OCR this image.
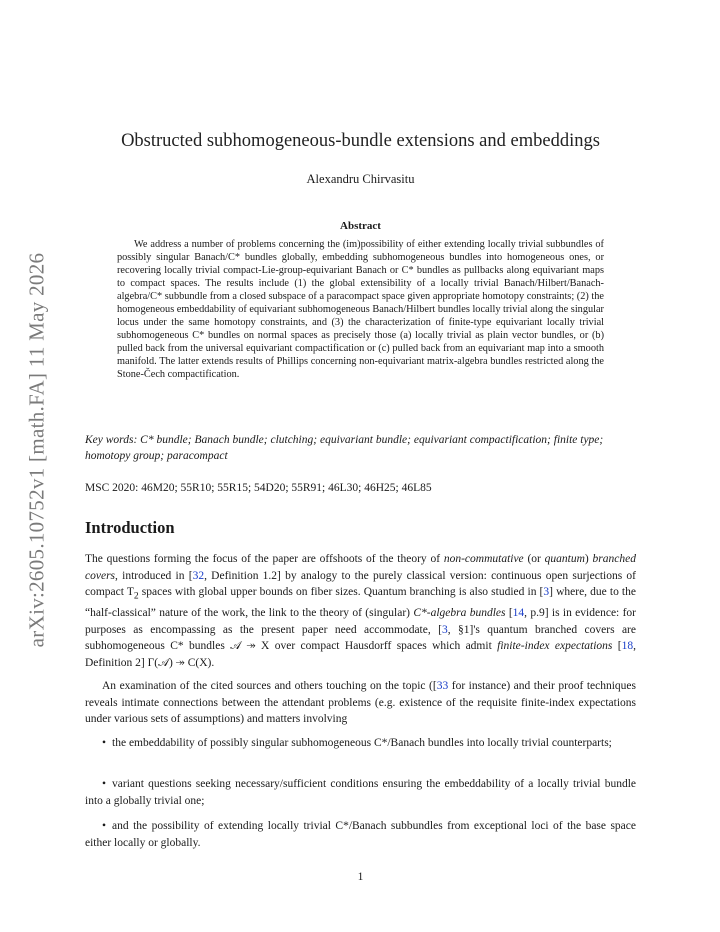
arXiv:2605.10752v1 [math.FA] 11 May 2026
Obstructed subhomogeneous-bundle extensions and embeddings
Alexandru Chirvasitu
Abstract
We address a number of problems concerning the (im)possibility of either extending locally trivial subbundles of possibly singular Banach/C* bundles globally, embedding subhomogeneous bundles into homogeneous ones, or recovering locally trivial compact-Lie-group-equivariant Banach or C* bundles as pullbacks along equivariant maps to compact spaces. The results include (1) the global extensibility of a locally trivial Banach/Hilbert/Banach-algebra/C* subbundle from a closed subspace of a paracompact space given appropriate homotopy constraints; (2) the homogeneous embeddability of equivariant subhomogeneous Banach/Hilbert bundles locally trivial along the singular locus under the same homotopy constraints, and (3) the characterization of finite-type equivariant locally trivial subhomogeneous C* bundles on normal spaces as precisely those (a) locally trivial as plain vector bundles, or (b) pulled back from the universal equivariant compactification or (c) pulled back from an equivariant map into a smooth manifold. The latter extends results of Phillips concerning non-equivariant matrix-algebra bundles restricted along the Stone-Čech compactification.
Key words: C* bundle; Banach bundle; clutching; equivariant bundle; equivariant compactification; finite type; homotopy group; paracompact
MSC 2020: 46M20; 55R10; 55R15; 54D20; 55R91; 46L30; 46H25; 46L85
Introduction
The questions forming the focus of the paper are offshoots of the theory of non-commutative (or quantum) branched covers, introduced in [32, Definition 1.2] by analogy to the purely classical version: continuous open surjections of compact $T_2$ spaces with global upper bounds on fiber sizes. Quantum branching is also studied in [3] where, due to the “half-classical” nature of the work, the link to the theory of (singular) C*-algebra bundles [14, p.9] is in evidence: for purposes as encompassing as the present paper need accommodate, [3, §1]'s quantum branched covers are subhomogeneous C* bundles 𝒜 ↠ X over compact Hausdorff spaces which admit finite-index expectations [18, Definition 2] Γ(𝒜) ↠ C(X).
An examination of the cited sources and others touching on the topic ([33 for instance) and their proof techniques reveals intimate connections between the attendant problems (e.g. existence of the requisite finite-index expectations under various sets of assumptions) and matters involving
• the embeddability of possibly singular subhomogeneous C*/Banach bundles into locally trivial counterparts;
• variant questions seeking necessary/sufficient conditions ensuring the embeddability of a locally trivial bundle into a globally trivial one;
• and the possibility of extending locally trivial C*/Banach subbundles from exceptional loci of the base space either locally or globally.
1
